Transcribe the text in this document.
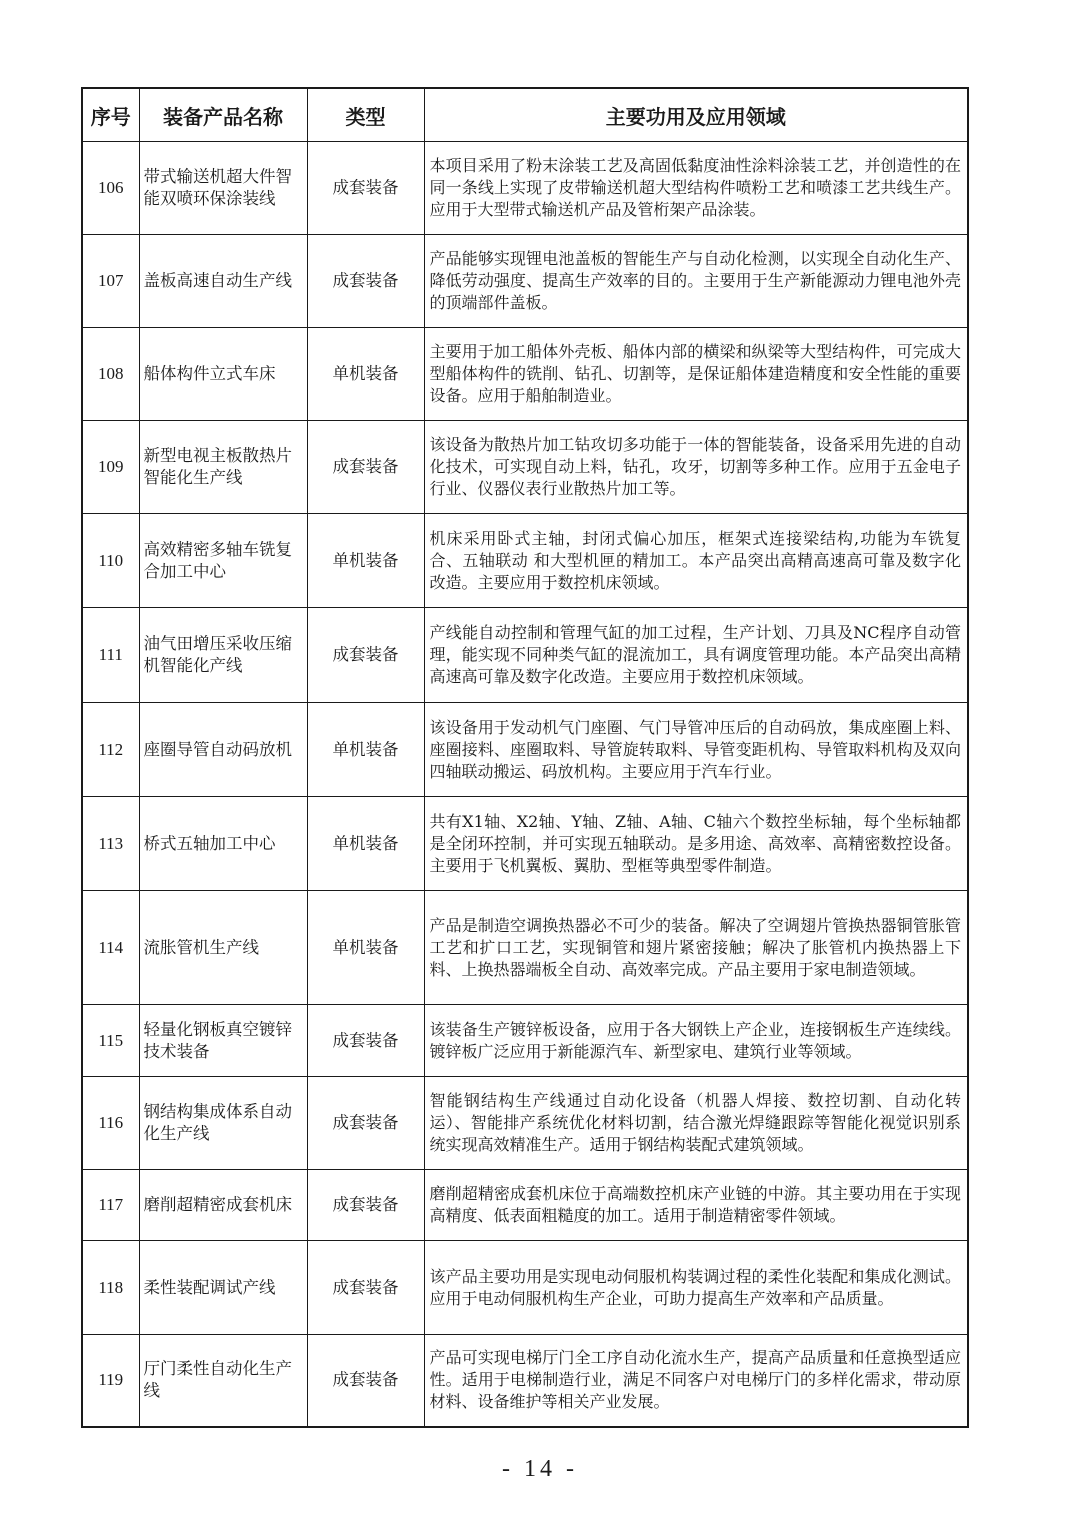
序号	装备产品名称	类型	主要功用及应用领域
106	带式输送机超大件智能双喷环保涂装线	成套装备	本项目采用了粉末涂装工艺及高固低黏度油性涂料涂装工艺，并创造性的在同一条线上实现了皮带输送机超大型结构件喷粉工艺和喷漆工艺共线生产。应用于大型带式输送机产品及管桁架产品涂装。
107	盖板高速自动生产线	成套装备	产品能够实现锂电池盖板的智能生产与自动化检测，以实现全自动化生产、降低劳动强度、提高生产效率的目的。主要用于生产新能源动力锂电池外壳的顶端部件盖板。
108	船体构件立式车床	单机装备	主要用于加工船体外壳板、船体内部的横梁和纵梁等大型结构件，可完成大型船体构件的铣削、钻孔、切割等，是保证船体建造精度和安全性能的重要设备。应用于船舶制造业。
109	新型电视主板散热片智能化生产线	成套装备	该设备为散热片加工钻攻切多功能于一体的智能装备，设备采用先进的自动化技术，可实现自动上料，钻孔，攻牙，切割等多种工作。应用于五金电子行业、仪器仪表行业散热片加工等。
110	高效精密多轴车铣复合加工中心	单机装备	机床采用卧式主轴，封闭式偏心加压，框架式连接梁结构,功能为车铣复合、五轴联动 和大型机匣的精加工。本产品突出高精高速高可靠及数字化改造。主要应用于数控机床领域。
111	油气田增压采收压缩机智能化产线	成套装备	产线能自动控制和管理气缸的加工过程，生产计划、刀具及NC程序自动管理，能实现不同种类气缸的混流加工，具有调度管理功能。本产品突出高精高速高可靠及数字化改造。主要应用于数控机床领域。
112	座圈导管自动码放机	单机装备	该设备用于发动机气门座圈、气门导管冲压后的自动码放，集成座圈上料、座圈接料、座圈取料、导管旋转取料、导管变距机构、导管取料机构及双向四轴联动搬运、码放机构。主要应用于汽车行业。
113	桥式五轴加工中心	单机装备	共有X1轴、X2轴、Y轴、Z轴、A轴、C轴六个数控坐标轴，每个坐标轴都是全闭环控制，并可实现五轴联动。是多用途、高效率、高精密数控设备。主要用于飞机翼板、翼肋、型框等典型零件制造。
114	流胀管机生产线	单机装备	产品是制造空调换热器必不可少的装备。解决了空调翅片管换热器铜管胀管工艺和扩口工艺，实现铜管和翅片紧密接触；解决了胀管机内换热器上下料、上换热器端板全自动、高效率完成。产品主要用于家电制造领域。
115	轻量化钢板真空镀锌技术装备	成套装备	该装备生产镀锌板设备，应用于各大钢铁上产企业，连接钢板生产连续线。镀锌板广泛应用于新能源汽车、新型家电、建筑行业等领域。
116	钢结构集成体系自动化生产线	成套装备	智能钢结构生产线通过自动化设备（机器人焊接、数控切割、自动化转运）、智能排产系统优化材料切割，结合激光焊缝跟踪等智能化视觉识别系统实现高效精准生产。适用于钢结构装配式建筑领域。
117	磨削超精密成套机床	成套装备	磨削超精密成套机床位于高端数控机床产业链的中游。其主要功用在于实现高精度、低表面粗糙度的加工。适用于制造精密零件领域。
118	柔性装配调试产线	成套装备	该产品主要功用是实现电动伺服机构装调过程的柔性化装配和集成化测试。应用于电动伺服机构生产企业，可助力提高生产效率和产品质量。
119	厅门柔性自动化生产线	成套装备	产品可实现电梯厅门全工序自动化流水生产，提高产品质量和任意换型适应性。适用于电梯制造行业，满足不同客户对电梯厅门的多样化需求，带动原材料、设备维护等相关产业发展。
- 14 -
